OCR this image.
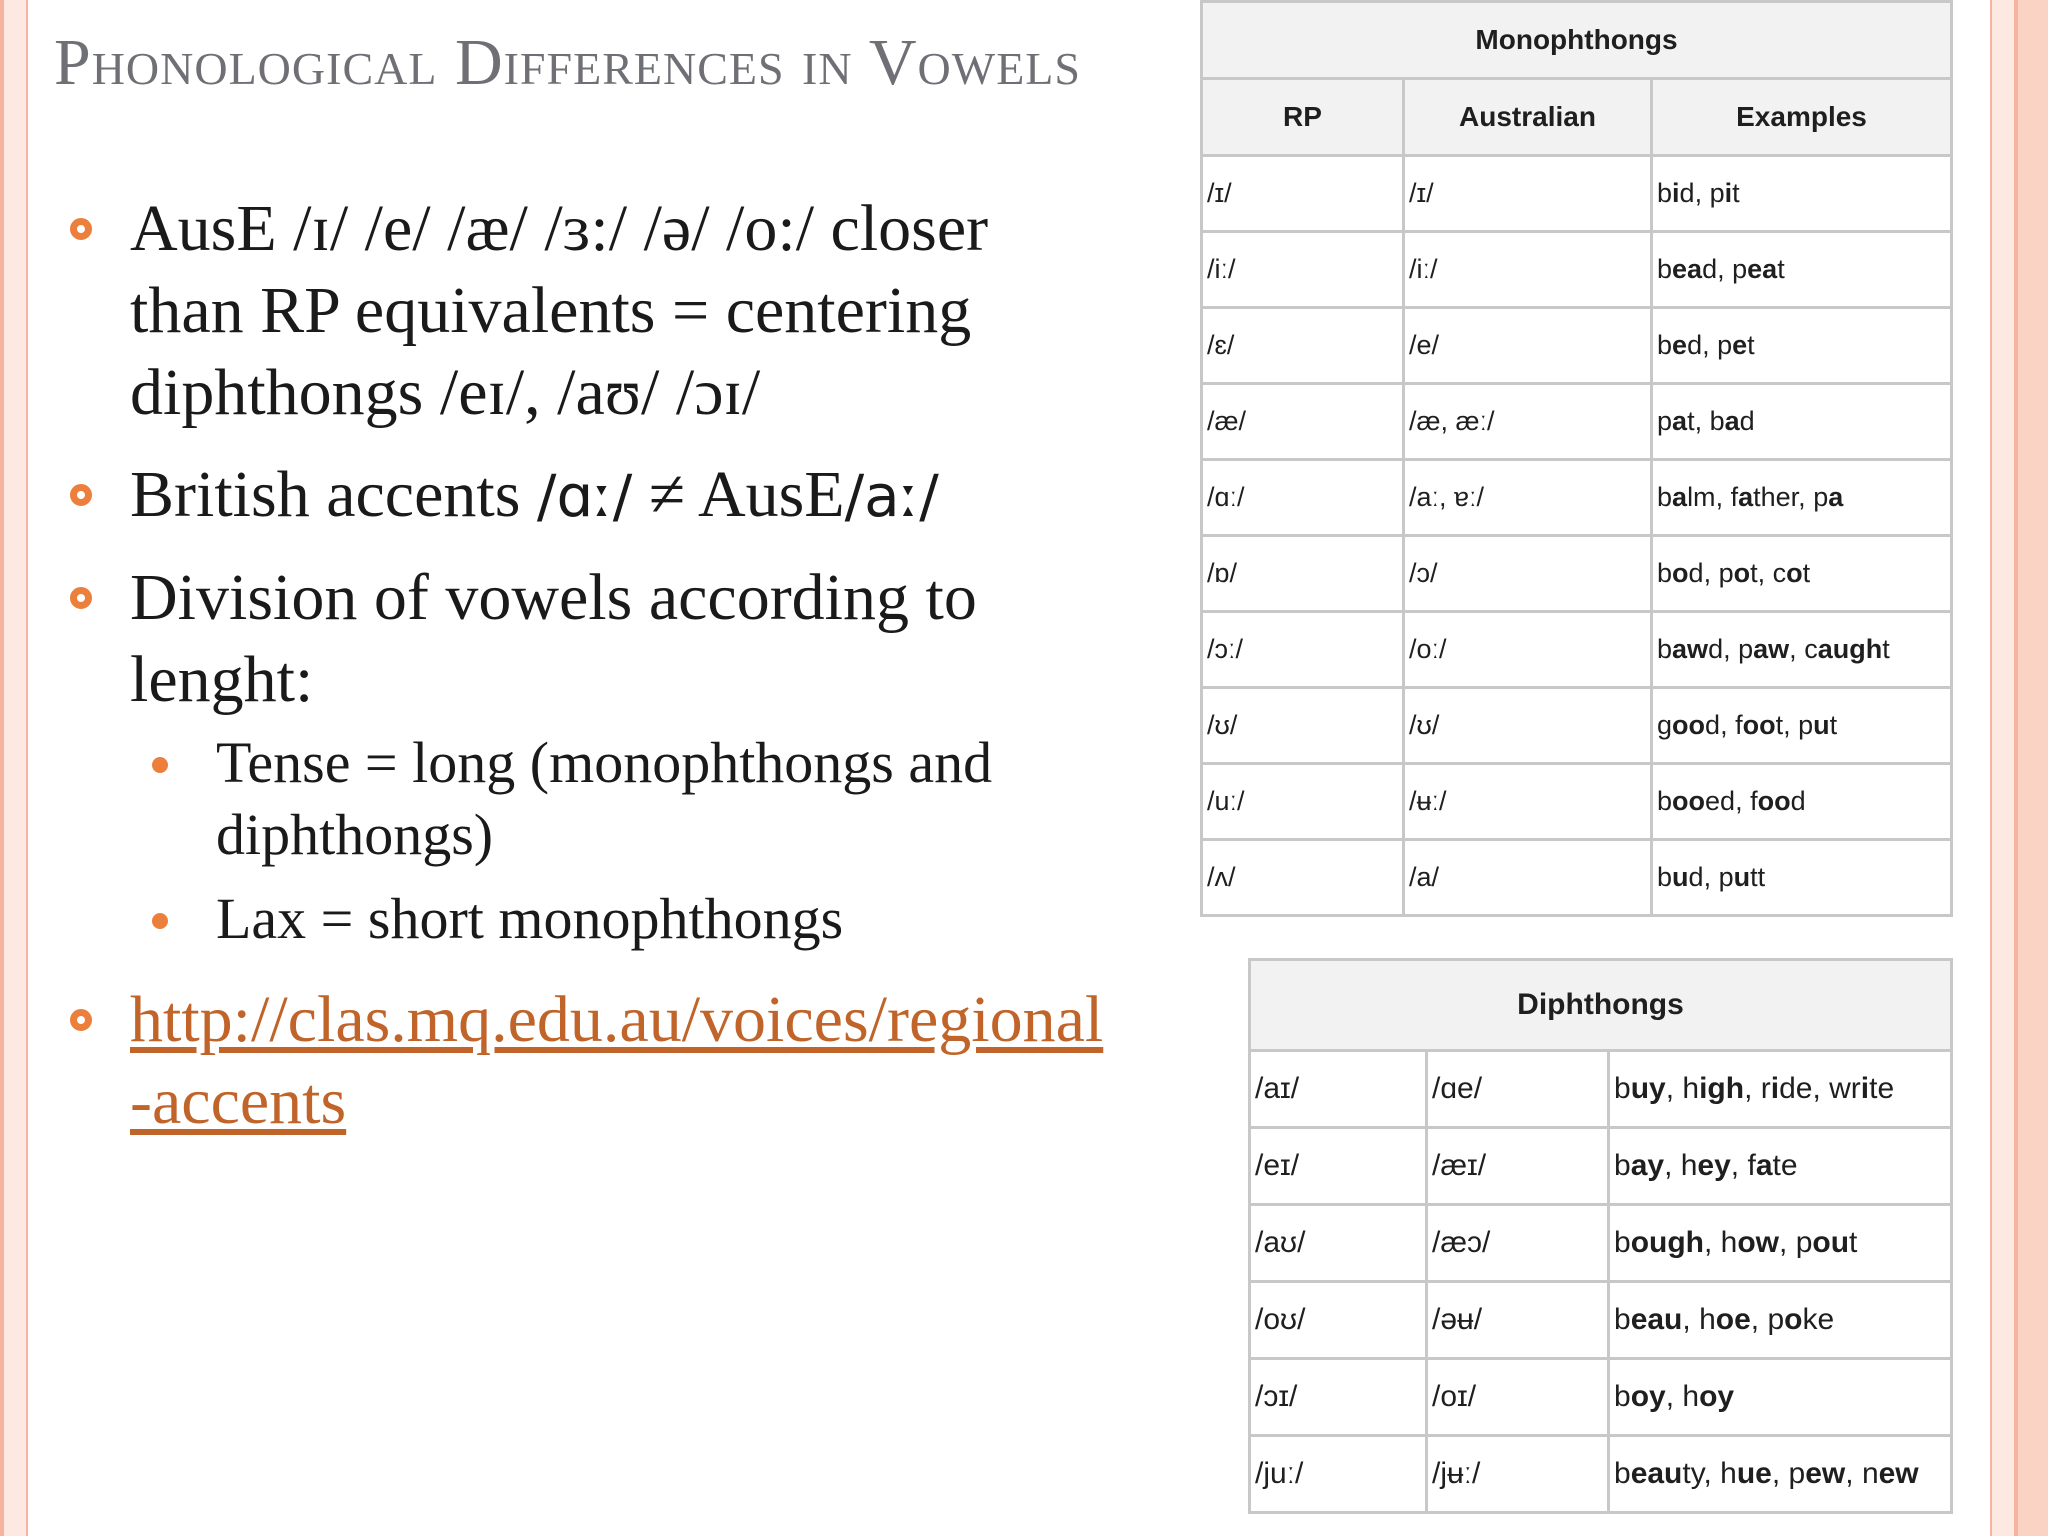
Phonological Differences in Vowels
AusE /ɪ/ /e/ /æ/ /ɜ:/ /ə/ /o:/ closer than RP equivalents = centering diphthongs /eɪ/, /aʊ/ /ɔɪ/
British accents /ɑː/ ≠ AusE/aː/
Division of vowels according to lenght:
Tense = long (monophthongs and diphthongs)
Lax = short monophthongs
http://clas.mq.edu.au/voices/regional-accents
Monophthongs		
RP	Australian	Examples
/ɪ/	/ɪ/	bid, pit
/iː/	/iː/	bead, peat
/ɛ/	/e/	bed, pet
/æ/	/æ, æː/	pat, bad
/ɑː/	/aː, ɐː/	balm, father, pa
/ɒ/	/ɔ/	bod, pot, cot
/ɔː/	/oː/	bawd, paw, caught
/ʊ/	/ʊ/	good, foot, put
/uː/	/ʉː/	booed, food
/ʌ/	/a/	bud, putt
Diphthongs		
/aɪ/	/ɑe/	buy, high, ride, write
/eɪ/	/æɪ/	bay, hey, fate
/aʊ/	/æɔ/	bough, how, pout
/oʊ/	/əʉ/	beau, hoe, poke
/ɔɪ/	/oɪ/	boy, hoy
/juː/	/jʉː/	beauty, hue, pew, new
